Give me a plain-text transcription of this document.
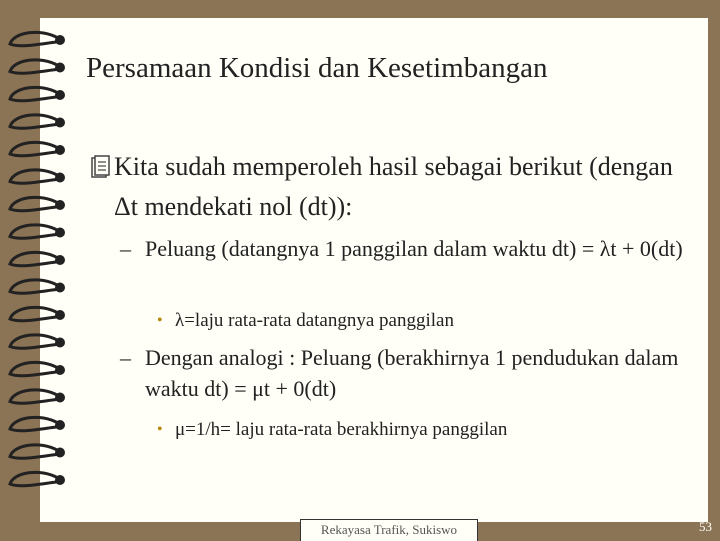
Persamaan Kondisi dan Kesetimbangan
Kita sudah memperoleh hasil sebagai berikut (dengan Δt mendekati nol (dt)):
– Peluang (datangnya 1 panggilan dalam waktu dt) = λt + 0(dt)
• λ=laju rata-rata datangnya panggilan
– Dengan analogi : Peluang (berakhirnya 1 pendudukan dalam waktu dt) = μt + 0(dt)
• μ=1/h= laju rata-rata berakhirnya panggilan
Rekayasa Trafik, Sukiswo	53
